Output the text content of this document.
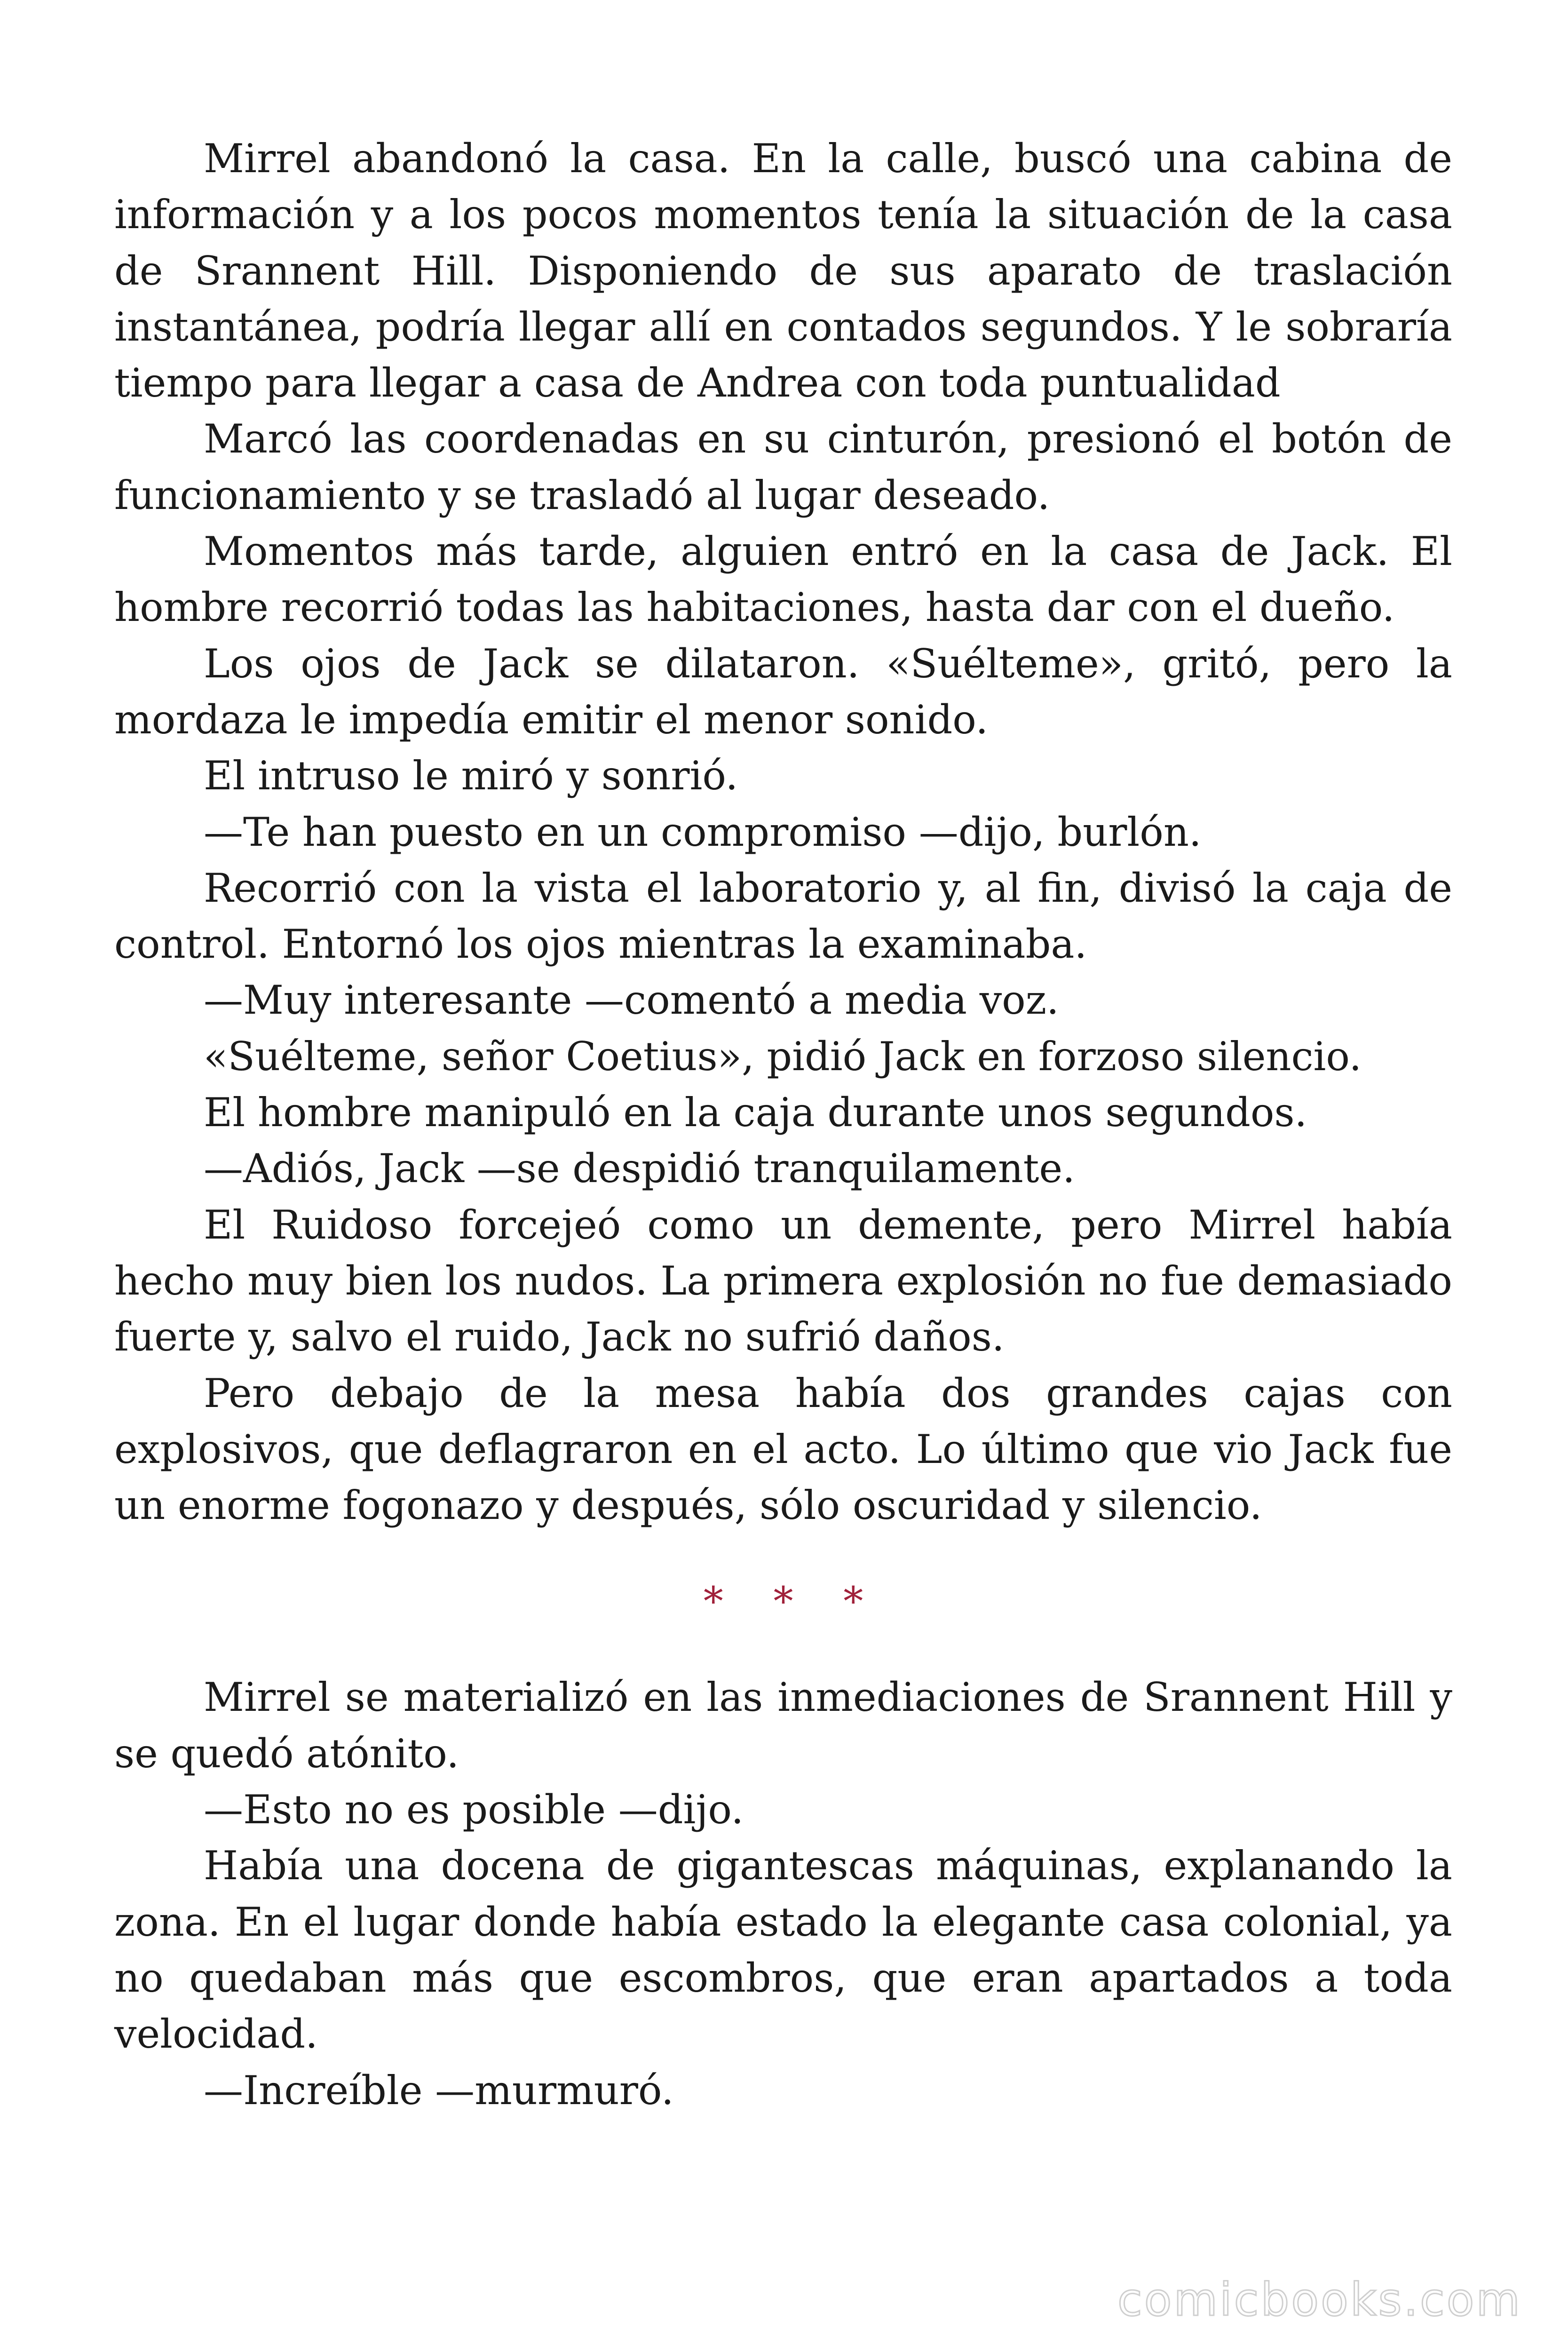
Mirrel abandonó la casa. En la calle, buscó una cabina de información y a los pocos momentos tenía la situación de la casa de Srannent Hill. Disponiendo de sus aparato de traslación instantánea, podría llegar allí en contados segundos. Y le sobraría tiempo para llegar a casa de Andrea con toda puntualidad

Marcó las coordenadas en su cinturón, presionó el botón de funcionamiento y se trasladó al lugar deseado.

Momentos más tarde, alguien entró en la casa de Jack. El hombre recorrió todas las habitaciones, hasta dar con el dueño.

Los ojos de Jack se dilataron. «Suélteme», gritó, pero la mordaza le impedía emitir el menor sonido.

El intruso le miró y sonrió.

—Te han puesto en un compromiso —dijo, burlón.

Recorrió con la vista el laboratorio y, al fin, divisó la caja de control. Entornó los ojos mientras la examinaba.

—Muy interesante —comentó a media voz.

«Suélteme, señor Coetius», pidió Jack en forzoso silencio.

El hombre manipuló en la caja durante unos segundos.

—Adiós, Jack —se despidió tranquilamente.

El Ruidoso forcejeó como un demente, pero Mirrel había hecho muy bien los nudos. La primera explosión no fue demasiado fuerte y, salvo el ruido, Jack no sufrió daños.

Pero debajo de la mesa había dos grandes cajas con explosivos, que deflagraron en el acto. Lo último que vio Jack fue un enorme fogonazo y después, sólo oscuridad y silencio.

* * *

Mirrel se materializó en las inmediaciones de Srannent Hill y se quedó atónito.

—Esto no es posible —dijo.

Había una docena de gigantescas máquinas, explanando la zona. En el lugar donde había estado la elegante casa colonial, ya no quedaban más que escombros, que eran apartados a toda velocidad.

—Increíble —murmuró.

comicbooks.com
